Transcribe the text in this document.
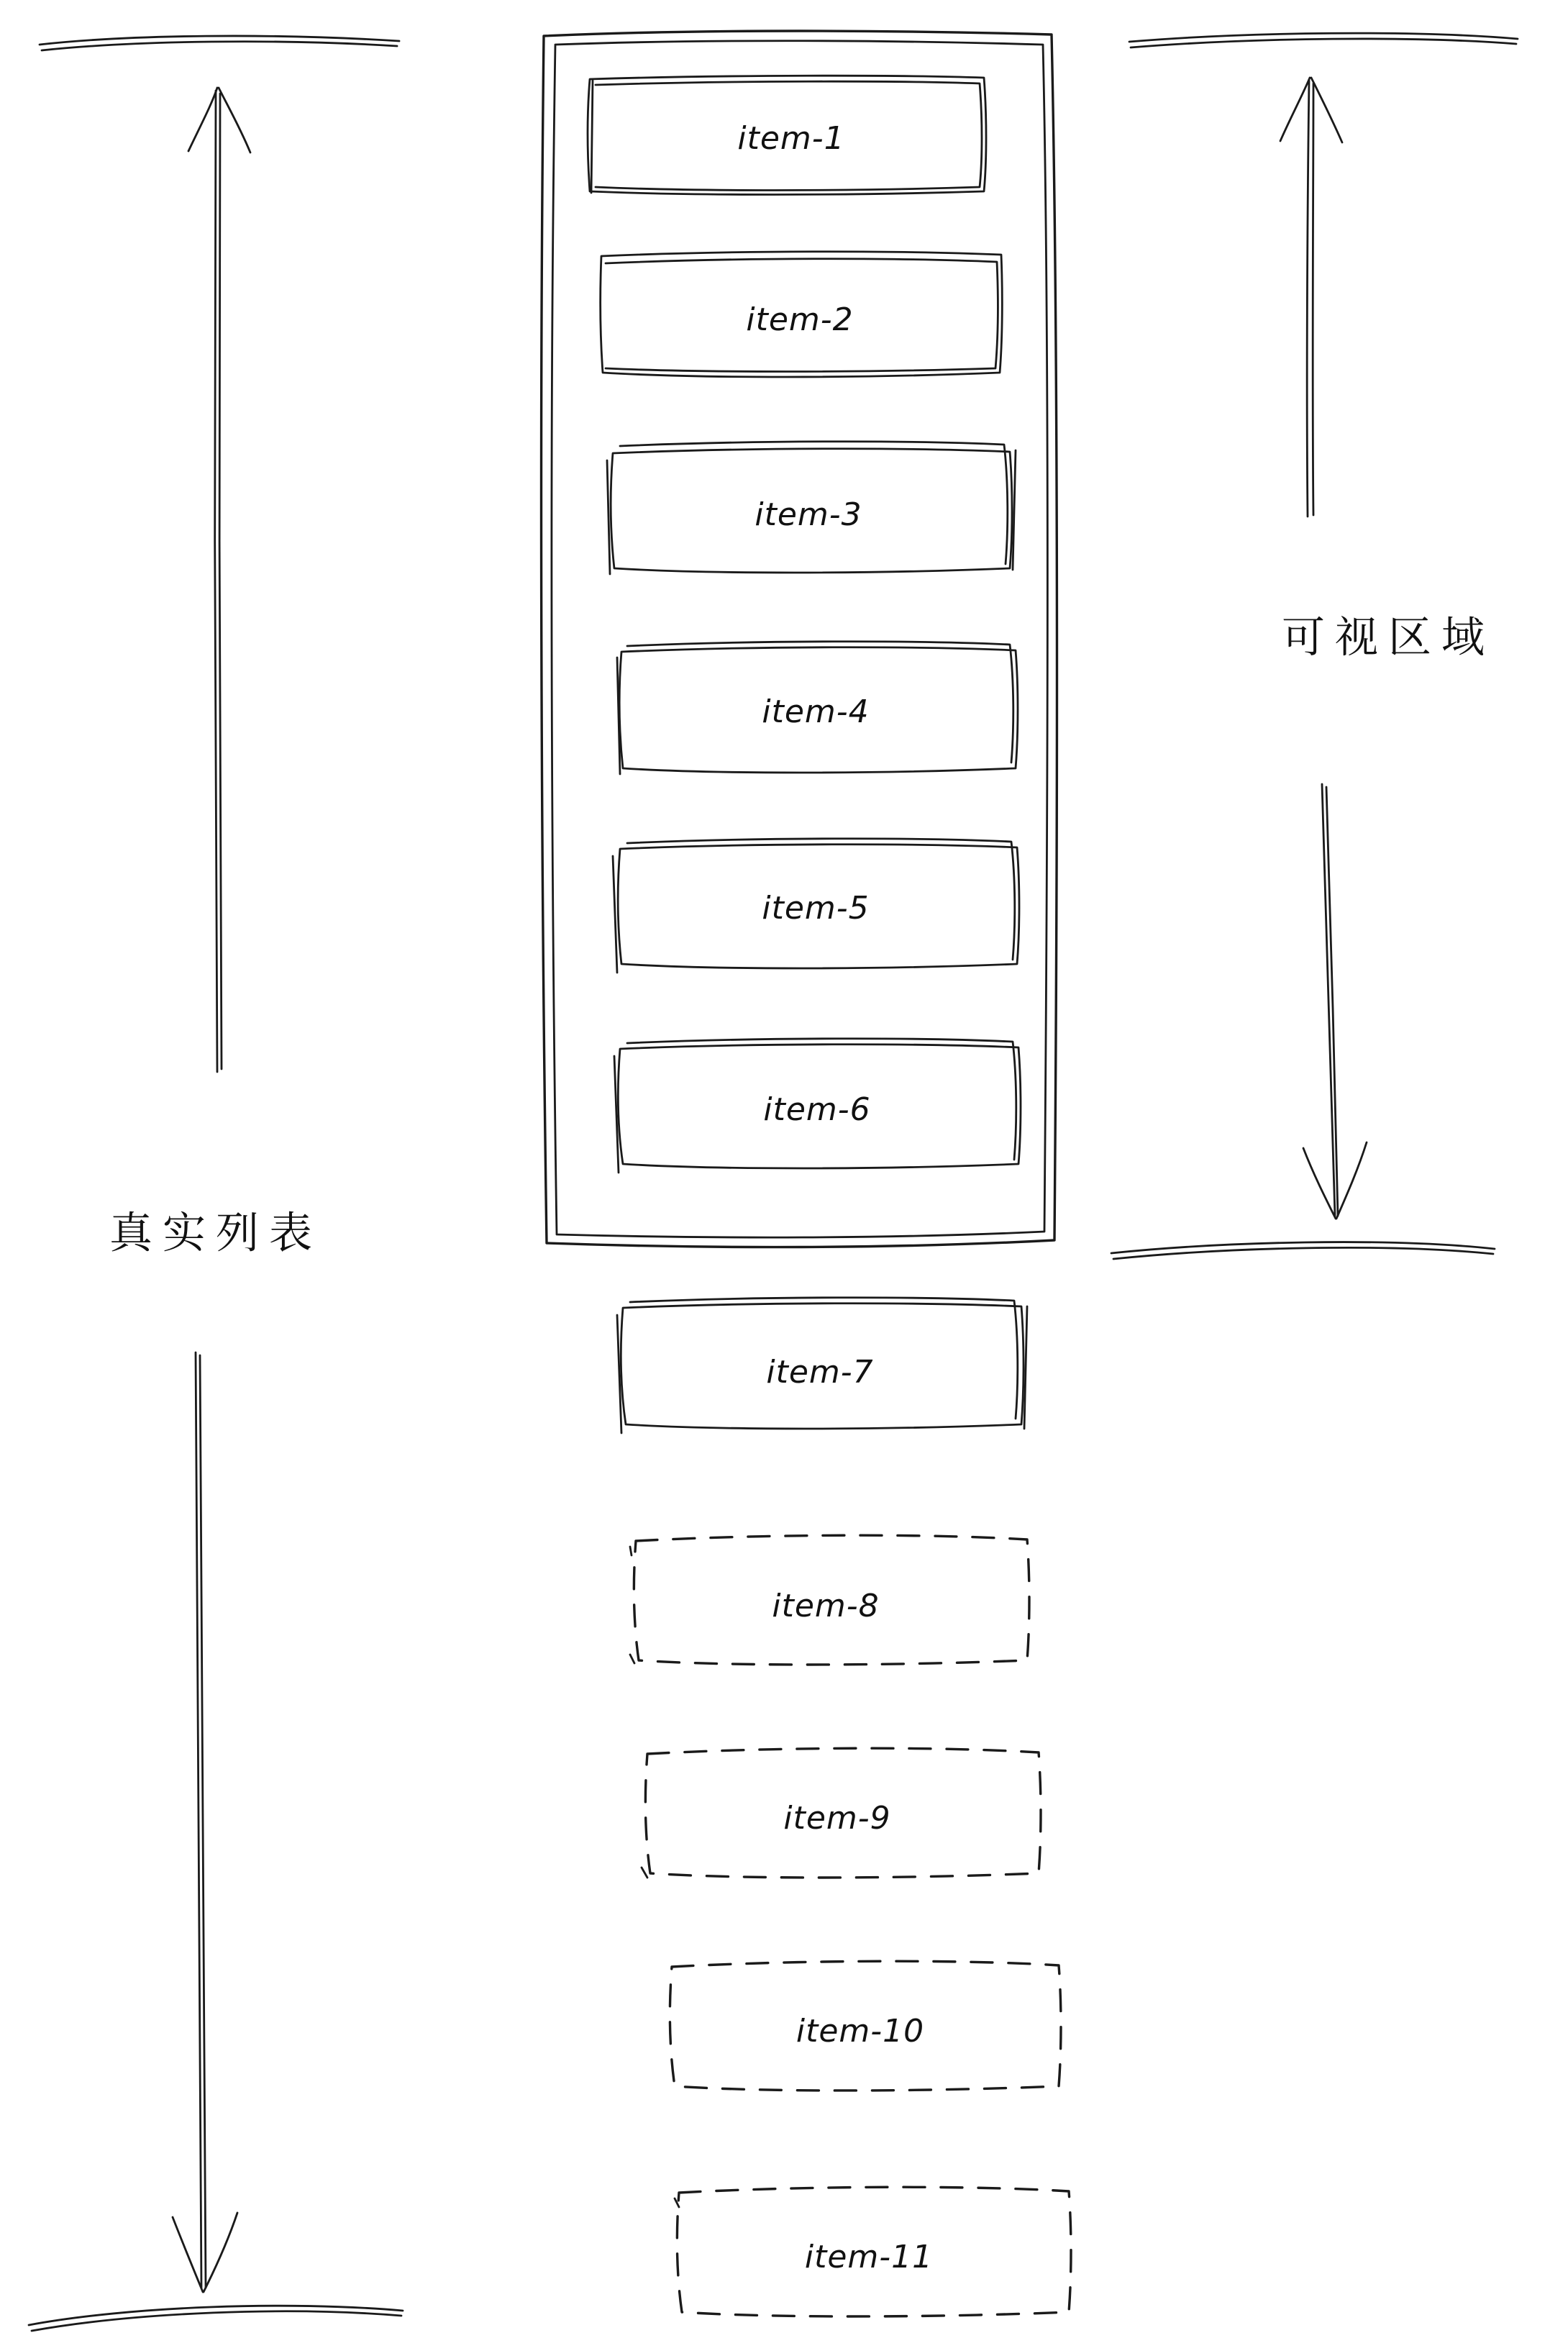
真实列表
可视区域
item-1
item-2
item-3
item-4
item-5
item-6
item-7
item-8
item-9
item-10
item-11
